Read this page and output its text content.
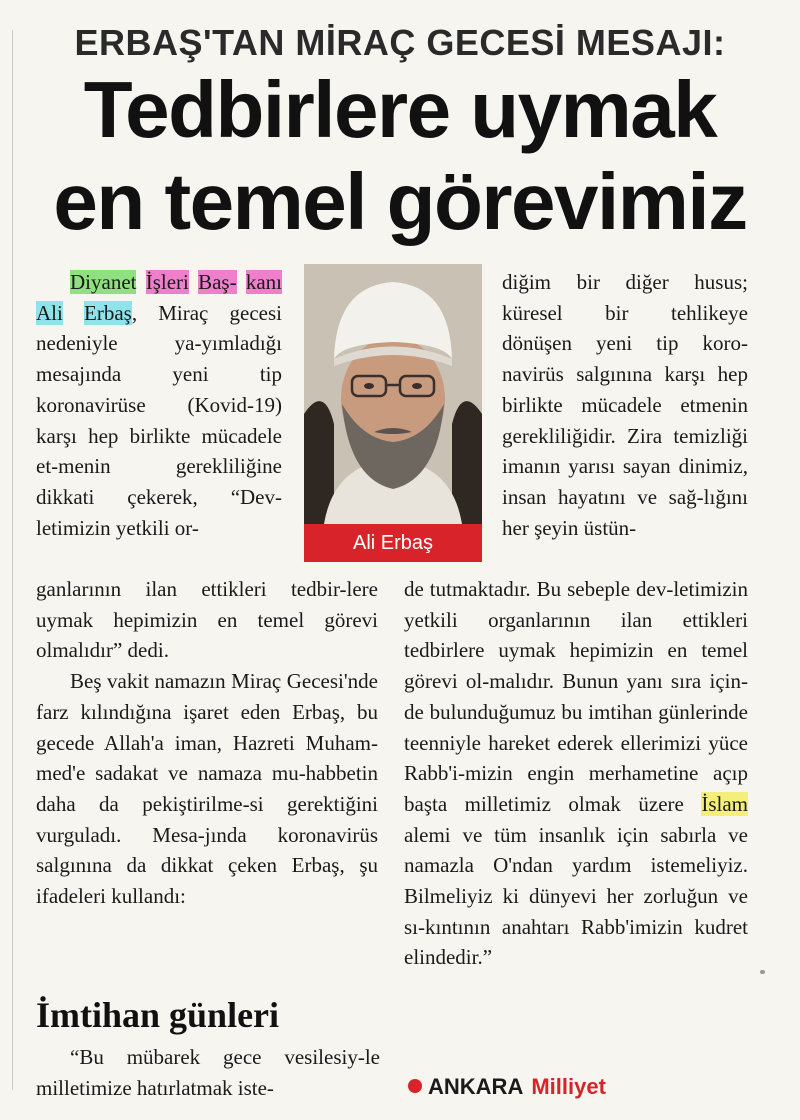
ERBAŞ'TAN MİRAÇ GECESİ MESAJI:
Tedbirlere uymak
en temel görevimiz

Diyanet İşleri Baş- kanı Ali Erbaş, Miraç gecesi nedeniyle ya-yımladığı mesajında yeni tip koronavirüse (Kovid-19) karşı hep birlikte mücadele et-menin gerekliliğine dikkati çekerek, “Dev-letimizin yetkili or-

ganlarının ilan ettikleri tedbir-lere uymak hepimizin en temel görevi olmalıdır” dedi.

Beş vakit namazın Miraç Gecesi'nde farz kılındığına işaret eden Erbaş, bu gecede Allah'a iman, Hazreti Muham-med'e sadakat ve namaza mu-habbetin daha da pekiştirilme-si gerektiğini vurguladı. Mesa-jında koronavirüs salgınına da dikkat çeken Erbaş, şu ifadeleri kullandı:

İmtihan günleri

“Bu mübarek gece vesilesiy-le milletimize hatırlatmak iste-

Ali Erbaş

diğim bir diğer husus; küresel bir tehlikeye dönüşen yeni tip koro-navirüs salgınına karşı hep birlikte mücadele etmenin gerekliliğidir. Zira temizliği imanın yarısı sayan dinimiz, insan hayatını ve sağ-lığını her şeyin üstün-

de tutmaktadır. Bu sebeple dev-letimizin yetkili organlarının ilan ettikleri tedbirlere uymak hepimizin en temel görevi ol-malıdır. Bunun yanı sıra için-de bulunduğumuz bu imtihan günlerinde teenniyle hareket ederek ellerimizi yüce Rabb'i-mizin engin merhametine açıp başta milletimiz olmak üzere İslam alemi ve tüm insanlık için sabırla ve namazla O'ndan yardım istemeliyiz. Bilmeliyiz ki dünyevi her zorluğun ve sı-kıntının anahtarı Rabb'imizin kudret elindedir.”

ANKARA Milliyet
